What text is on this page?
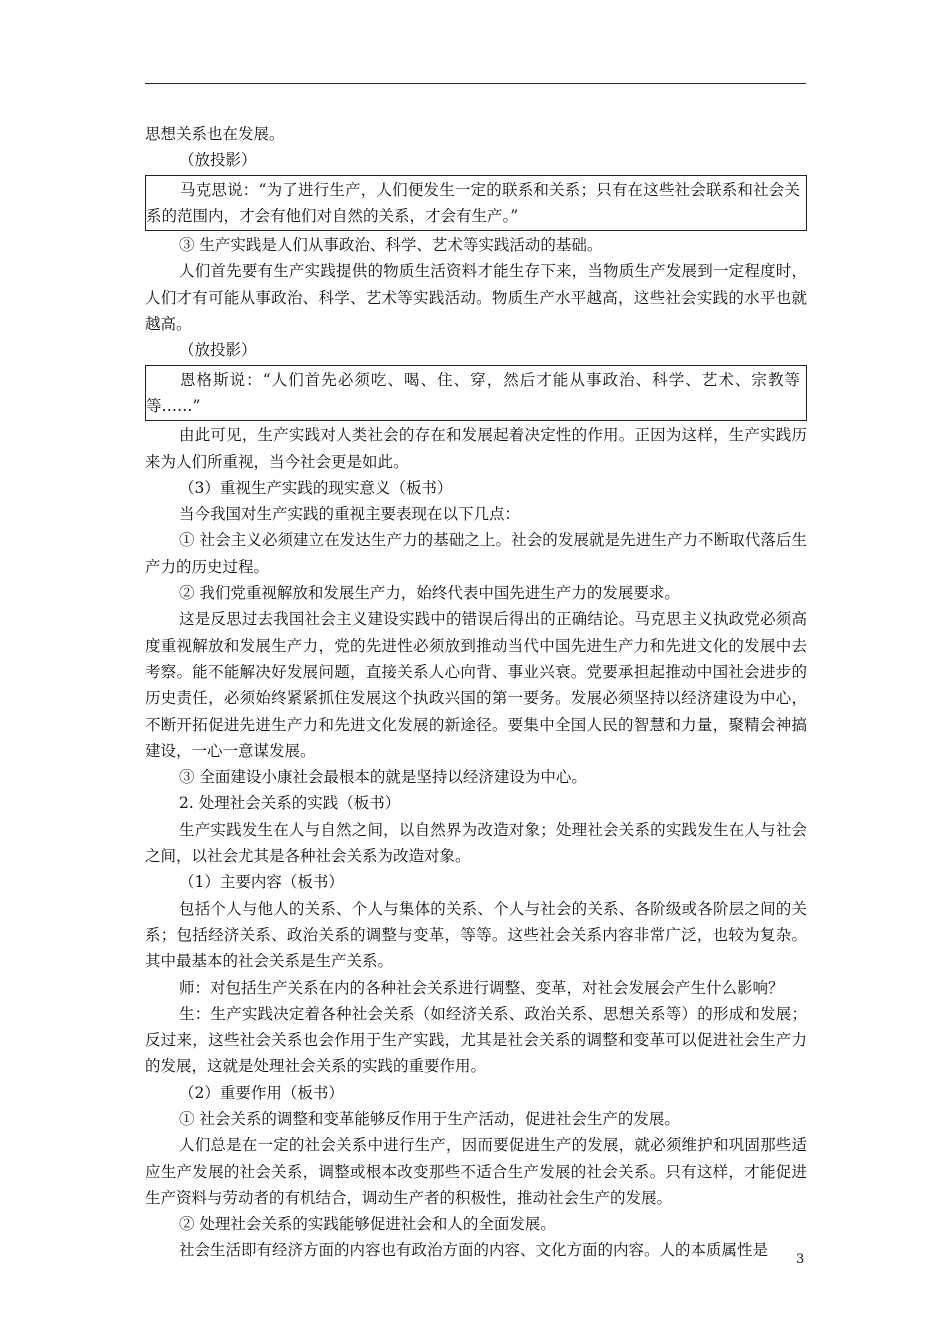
思想关系也在发展。

（放投影）

马克思说：“为了进行生产，人们便发生一定的联系和关系；只有在这些社会联系和社会关系的范围内，才会有他们对自然的关系，才会有生产。”

③ 生产实践是人们从事政治、科学、艺术等实践活动的基础。

人们首先要有生产实践提供的物质生活资料才能生存下来，当物质生产发展到一定程度时，人们才有可能从事政治、科学、艺术等实践活动。物质生产水平越高，这些社会实践的水平也就越高。

（放投影）

恩格斯说：“人们首先必须吃、喝、住、穿，然后才能从事政治、科学、艺术、宗教等等……”

由此可见，生产实践对人类社会的存在和发展起着决定性的作用。正因为这样，生产实践历来为人们所重视，当今社会更是如此。

（3）重视生产实践的现实意义（板书）

当今我国对生产实践的重视主要表现在以下几点：

① 社会主义必须建立在发达生产力的基础之上。社会的发展就是先进生产力不断取代落后生产力的历史过程。

② 我们党重视解放和发展生产力，始终代表中国先进生产力的发展要求。

这是反思过去我国社会主义建设实践中的错误后得出的正确结论。马克思主义执政党必须高度重视解放和发展生产力，党的先进性必须放到推动当代中国先进生产力和先进文化的发展中去考察。能不能解决好发展问题，直接关系人心向背、事业兴衰。党要承担起推动中国社会进步的历史责任，必须始终紧紧抓住发展这个执政兴国的第一要务。发展必须坚持以经济建设为中心，不断开拓促进先进生产力和先进文化发展的新途径。要集中全国人民的智慧和力量，聚精会神搞建设，一心一意谋发展。

③ 全面建设小康社会最根本的就是坚持以经济建设为中心。

2. 处理社会关系的实践（板书）

生产实践发生在人与自然之间，以自然界为改造对象；处理社会关系的实践发生在人与社会之间，以社会尤其是各种社会关系为改造对象。

（1）主要内容（板书）

包括个人与他人的关系、个人与集体的关系、个人与社会的关系、各阶级或各阶层之间的关系；包括经济关系、政治关系的调整与变革，等等。这些社会关系内容非常广泛，也较为复杂。其中最基本的社会关系是生产关系。

师：对包括生产关系在内的各种社会关系进行调整、变革，对社会发展会产生什么影响？

生：生产实践决定着各种社会关系（如经济关系、政治关系、思想关系等）的形成和发展；反过来，这些社会关系也会作用于生产实践，尤其是社会关系的调整和变革可以促进社会生产力的发展，这就是处理社会关系的实践的重要作用。

（2）重要作用（板书）

① 社会关系的调整和变革能够反作用于生产活动，促进社会生产的发展。

人们总是在一定的社会关系中进行生产，因而要促进生产的发展，就必须维护和巩固那些适应生产发展的社会关系，调整或根本改变那些不适合生产发展的社会关系。只有这样，才能促进生产资料与劳动者的有机结合，调动生产者的积极性，推动社会生产的发展。

② 处理社会关系的实践能够促进社会和人的全面发展。

社会生活即有经济方面的内容也有政治方面的内容、文化方面的内容。人的本质属性是

3
